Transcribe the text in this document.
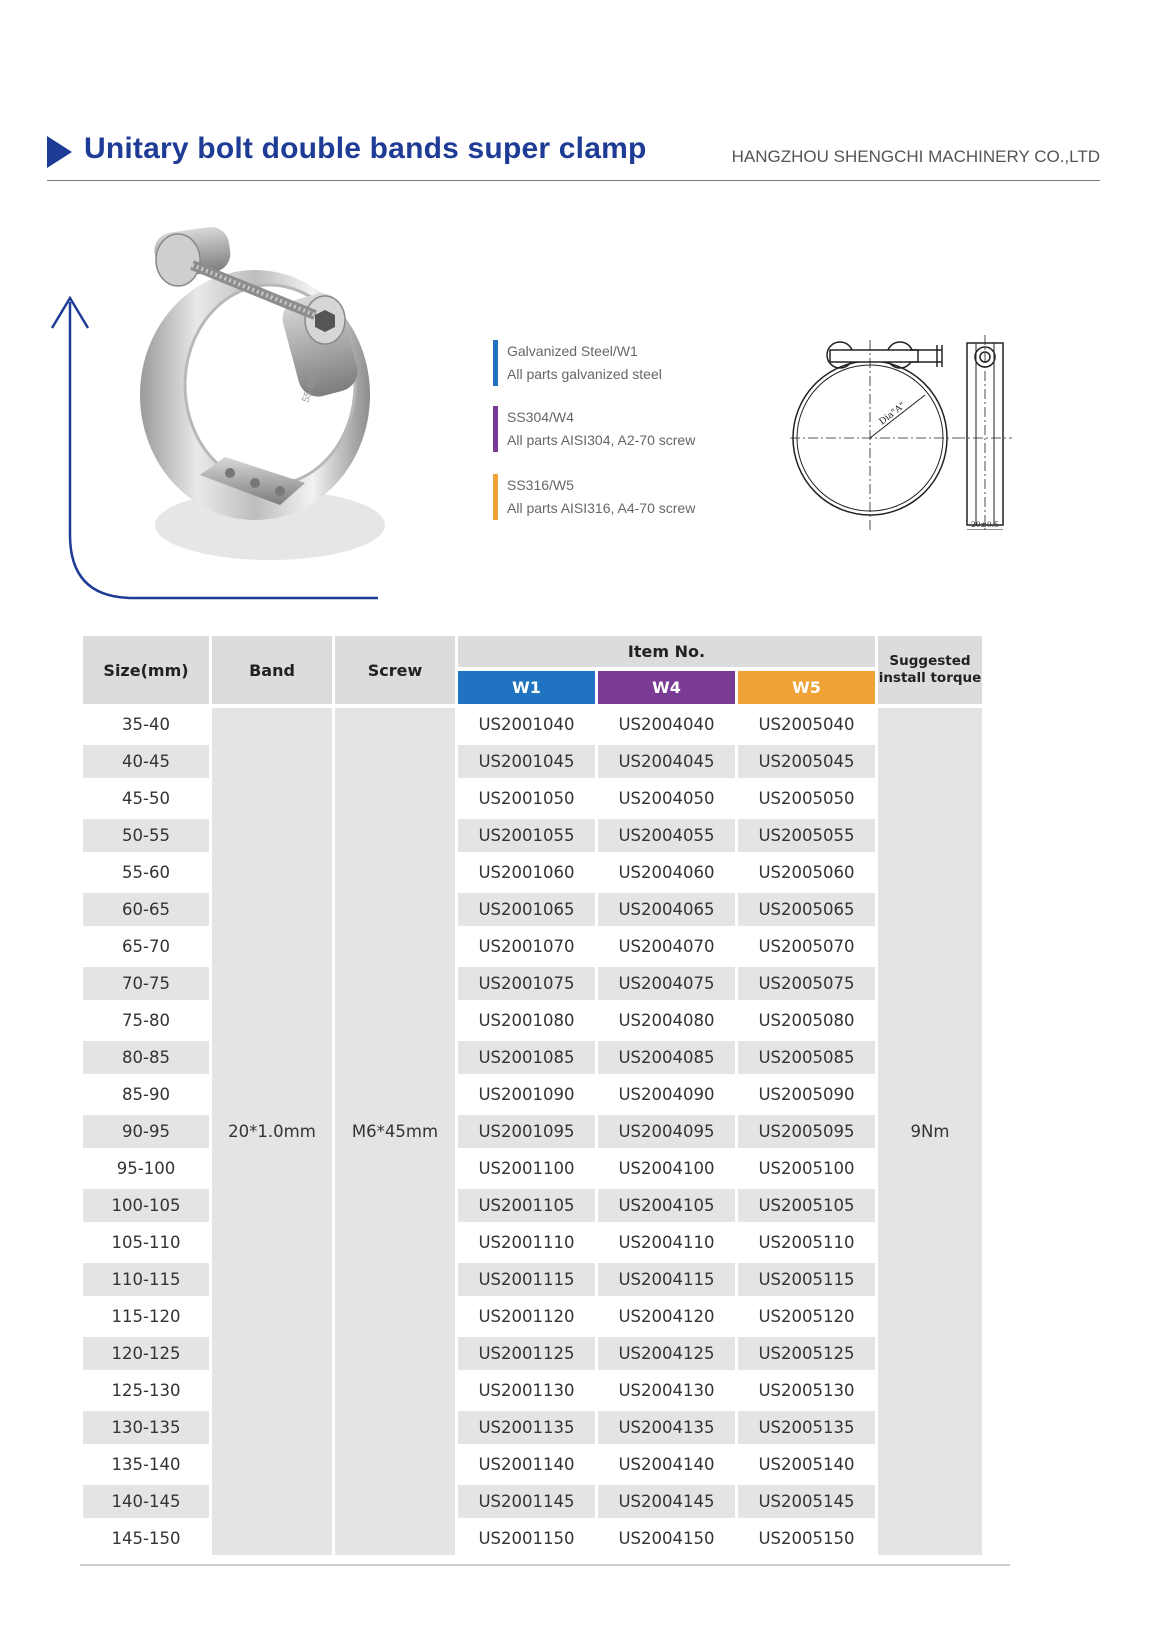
Unitary bolt double bands super clamp	HANGZHOU SHENGCHI MACHINERY CO.,LTD
55-60
Galvanized Steel/W1
All parts galvanized steel
SS304/W4
All parts AISI304, A2-70 screw
SS316/W5
All parts AISI316, A4-70 screw
Dia"A"
20±0.5
Size(mm)	Band	Screw	Item No.			Suggested
install torque

			W1	W4	W5	
35-40	20*1.0mm	M6*45mm	US2001040	US2004040	US2005040	9Nm
40-45			US2001045	US2004045	US2005045	
45-50			US2001050	US2004050	US2005050	
50-55			US2001055	US2004055	US2005055	
55-60			US2001060	US2004060	US2005060	
60-65			US2001065	US2004065	US2005065	
65-70			US2001070	US2004070	US2005070	
70-75			US2001075	US2004075	US2005075	
75-80			US2001080	US2004080	US2005080	
80-85			US2001085	US2004085	US2005085	
85-90			US2001090	US2004090	US2005090	
90-95			US2001095	US2004095	US2005095	
95-100			US2001100	US2004100	US2005100	
100-105			US2001105	US2004105	US2005105	
105-110			US2001110	US2004110	US2005110	
110-115			US2001115	US2004115	US2005115	
115-120			US2001120	US2004120	US2005120	
120-125			US2001125	US2004125	US2005125	
125-130			US2001130	US2004130	US2005130	
130-135			US2001135	US2004135	US2005135	
135-140			US2001140	US2004140	US2005140	
140-145			US2001145	US2004145	US2005145	
145-150			US2001150	US2004150	US2005150	
